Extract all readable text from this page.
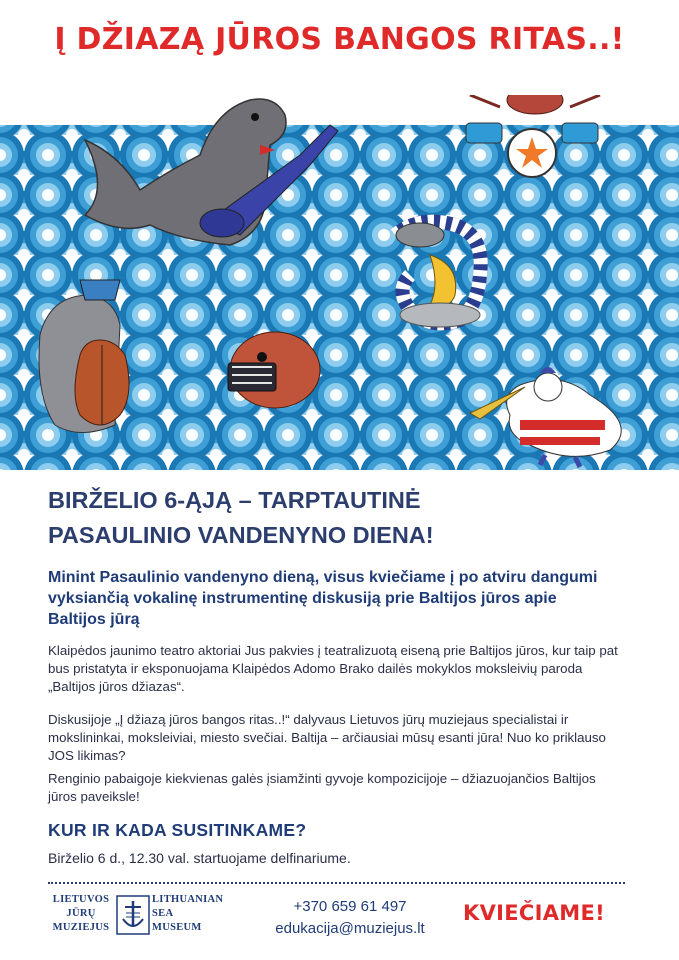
Į DŽIAZĄ JŪROS BANGOS RITAS..!
BIRŽELIO 6-ĄJĄ – TARPTAUTINĖ
PASAULINIO VANDENYNO DIENA!

Minint Pasaulinio vandenyno dieną, visus kviečiame į po atviru dangumi vyksiančią vokalinę instrumentinę diskusiją prie Baltijos jūros apie Baltijos jūrą

Klaipėdos jaunimo teatro aktoriai Jus pakvies į teatralizuotą eiseną prie Baltijos jūros, kur taip pat bus pristatyta ir eksponuojama Klaipėdos Adomo Brako dailės mokyklos moksleivių paroda „Baltijos jūros džiazas“.

Diskusijoje „Į džiazą jūros bangos ritas..!“ dalyvaus Lietuvos jūrų muziejaus specialistai ir mokslininkai, moksleiviai, miesto svečiai. Baltija – arčiausiai mūsų esanti jūra! Nuo ko priklauso JOS likimas?

Renginio pabaigoje kiekvienas galės įsiamžinti gyvoje kompozicijoje – džiazuojančios Baltijos jūros paveiksle!

KUR IR KADA SUSITINKAME?

Birželio 6 d., 12.30 val. startuojame delfinariume.

LIETUVOS
JŪRŲ
MUZIEJUS
LITHUANIAN
SEA
MUSEUM
+370 659 61 497
edukacija@muziejus.lt
KVIEČIAME!
